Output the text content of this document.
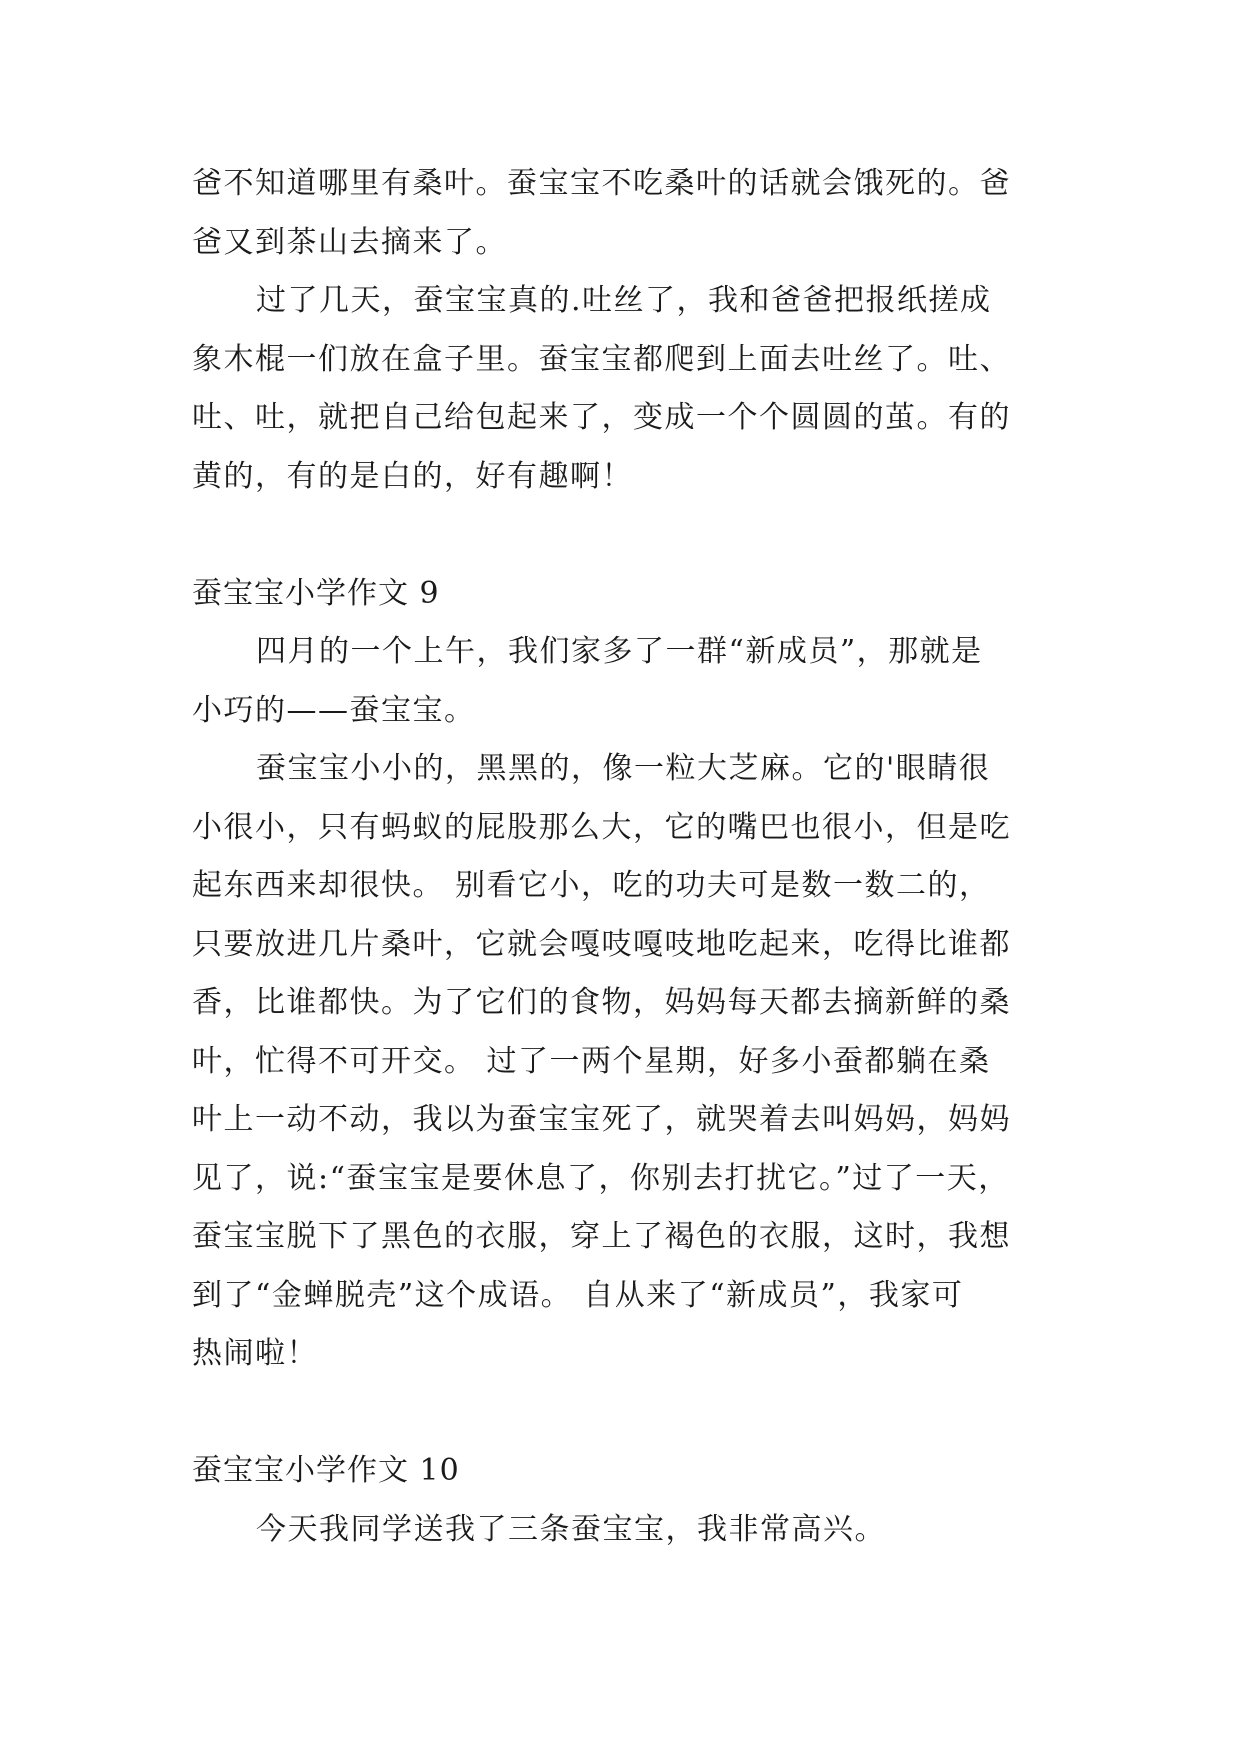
爸不知道哪里有桑叶。蚕宝宝不吃桑叶的话就会饿死的。爸
爸又到茶山去摘来了。
过了几天，蚕宝宝真的.吐丝了，我和爸爸把报纸搓成
象木棍一们放在盒子里。蚕宝宝都爬到上面去吐丝了。吐、
吐、吐，就把自己给包起来了，变成一个个圆圆的茧。有的
黄的，有的是白的，好有趣啊！
蚕宝宝小学作文 9
四月的一个上午，我们家多了一群“新成员”，那就是
小巧的——蚕宝宝。
蚕宝宝小小的，黑黑的，像一粒大芝麻。它的'眼睛很
小很小，只有蚂蚁的屁股那么大，它的嘴巴也很小，但是吃
起东西来却很快。 别看它小，吃的功夫可是数一数二的，
只要放进几片桑叶，它就会嘎吱嘎吱地吃起来，吃得比谁都
香，比谁都快。为了它们的食物，妈妈每天都去摘新鲜的桑
叶，忙得不可开交。 过了一两个星期，好多小蚕都躺在桑
叶上一动不动，我以为蚕宝宝死了，就哭着去叫妈妈，妈妈
见了，说:“蚕宝宝是要休息了，你别去打扰它。”过了一天，
蚕宝宝脱下了黑色的衣服，穿上了褐色的衣服，这时，我想
到了“金蝉脱壳”这个成语。 自从来了“新成员”，我家可
热闹啦！
蚕宝宝小学作文 10
今天我同学送我了三条蚕宝宝，我非常高兴。
